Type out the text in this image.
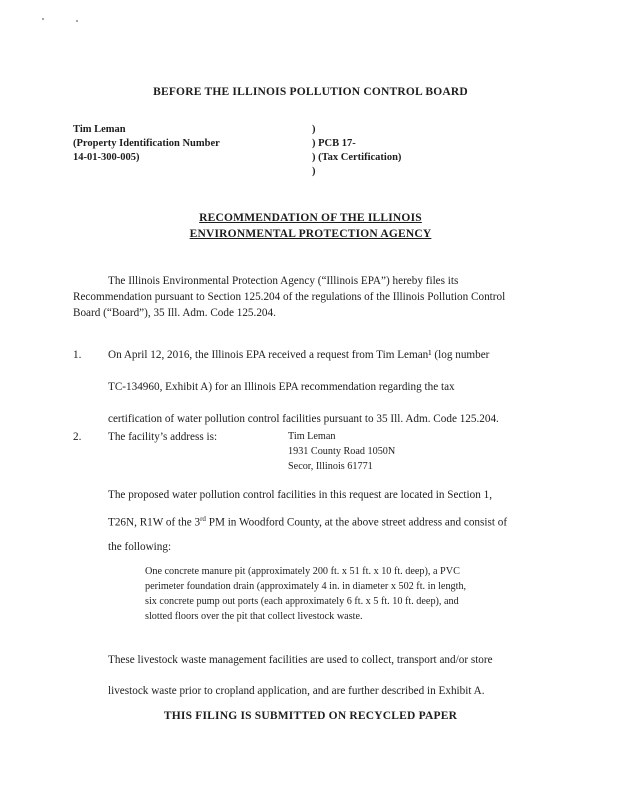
BEFORE THE ILLINOIS POLLUTION CONTROL BOARD
Tim Leman
(Property Identification Number
14-01-300-005)
)
) PCB 17-
) (Tax Certification)
)
RECOMMENDATION OF THE ILLINOIS
ENVIRONMENTAL PROTECTION AGENCY
The Illinois Environmental Protection Agency (“Illinois EPA”) hereby files its
Recommendation pursuant to Section 125.204 of the regulations of the Illinois Pollution Control
Board (“Board”), 35 Ill. Adm. Code 125.204.
1. On April 12, 2016, the Illinois EPA received a request from Tim Leman¹ (log number
TC-134960, Exhibit A) for an Illinois EPA recommendation regarding the tax
certification of water pollution control facilities pursuant to 35 Ill. Adm. Code 125.204.
2. The facility’s address is:	Tim Leman
1931 County Road 1050N
Secor, Illinois 61771
The proposed water pollution control facilities in this request are located in Section 1,
T26N, R1W of the 3rd PM in Woodford County, at the above street address and consist of
the following:
One concrete manure pit (approximately 200 ft. x 51 ft. x 10 ft. deep), a PVC
perimeter foundation drain (approximately 4 in. in diameter x 502 ft. in length,
six concrete pump out ports (each approximately 6 ft. x 5 ft. 10 ft. deep), and
slotted floors over the pit that collect livestock waste.
These livestock waste management facilities are used to collect, transport and/or store
livestock waste prior to cropland application, and are further described in Exhibit A.
THIS FILING IS SUBMITTED ON RECYCLED PAPER
